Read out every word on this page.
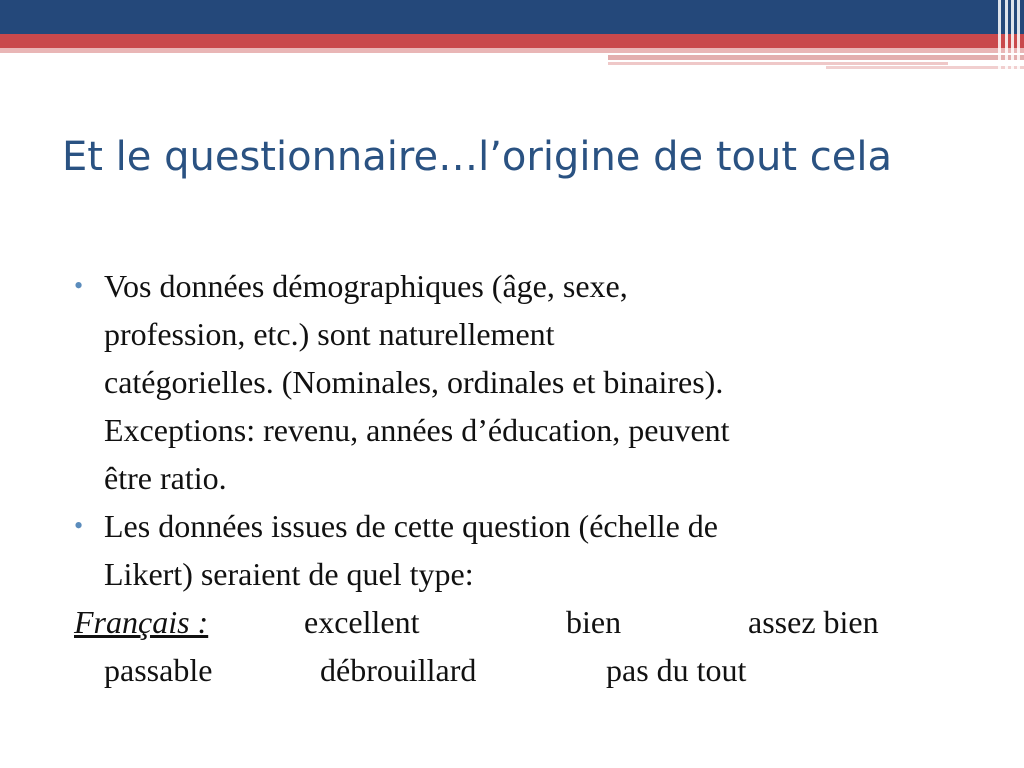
Et le questionnaire…l’origine de tout cela
• Vos données démographiques (âge, sexe,
profession, etc.) sont naturellement
catégorielles. (Nominales, ordinales et binaires).
Exceptions: revenu, années d’éducation, peuvent
être ratio.
• Les données issues de cette question (échelle de
Likert) seraient de quel type:
Français :	excellent	bien	assez bien
passable	débrouillard	pas du tout
